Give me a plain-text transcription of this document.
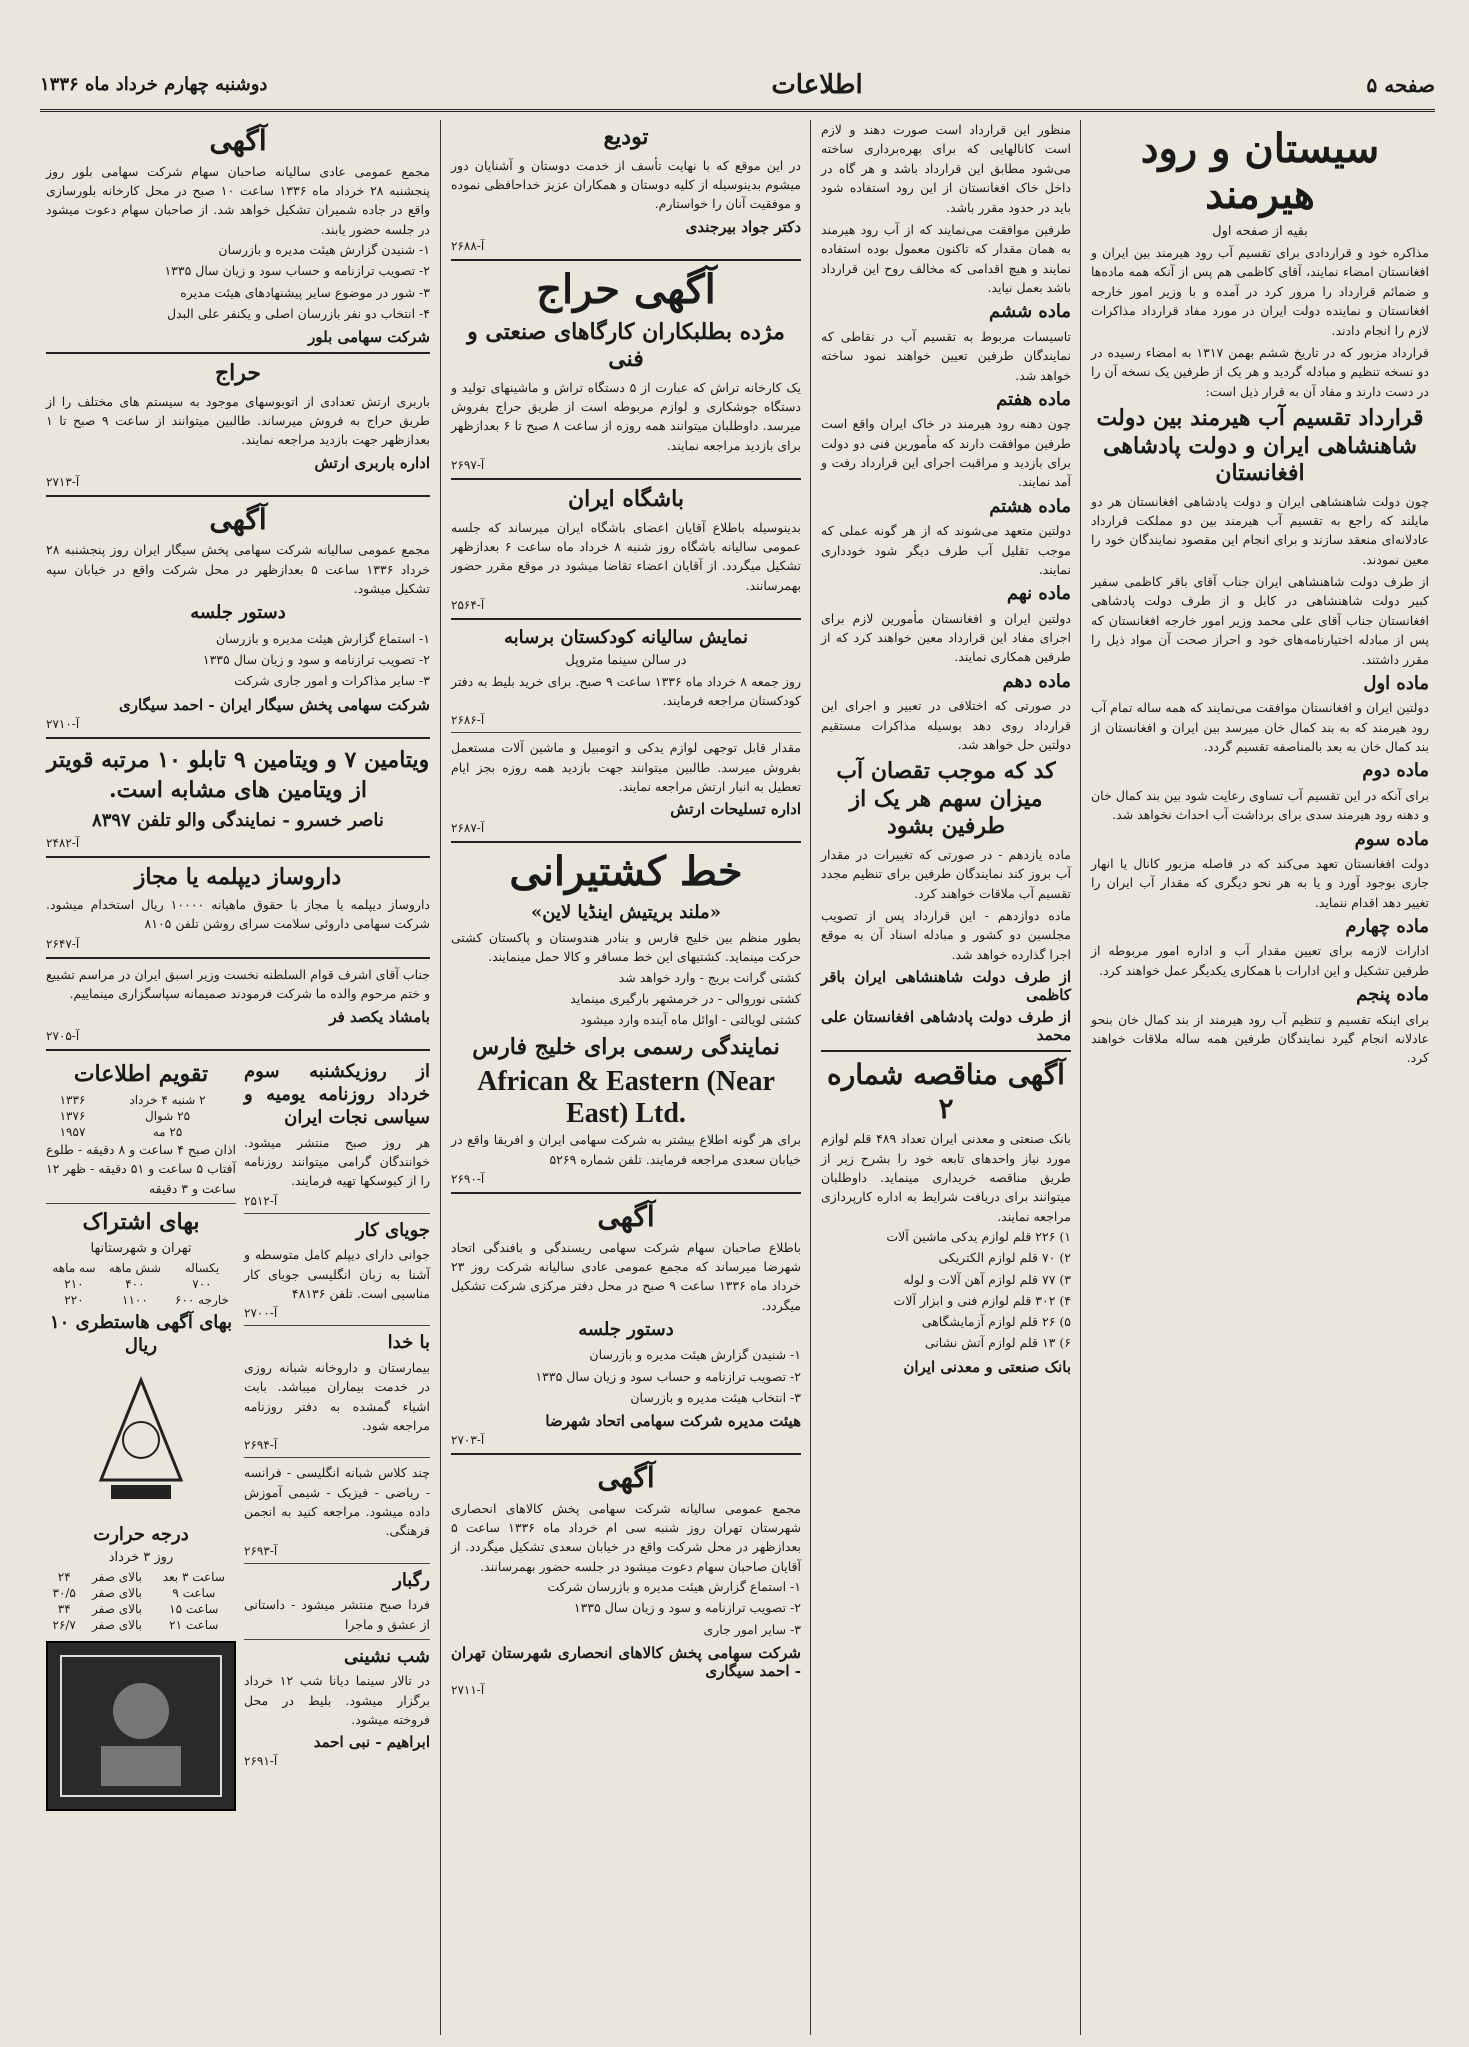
صفحه ۵
اطلاعات
دوشنبه چهارم خرداد ماه ۱۳۳۶
سیستان و رود هیرمند
بقیه از صفحه اول

مذاکره خود و قراردادی برای تقسیم آب رود هیرمند بین ایران و افغانستان امضاء نمایند، آقای کاظمی هم پس از آنکه همه ماده‌ها و ضمائم قرارداد را مرور کرد در آمده و با وزیر امور خارجه افغانستان و نماینده دولت ایران در مورد مفاد قرارداد مذاکرات لازم را انجام دادند.

قرارداد مزبور که در تاریخ ششم بهمن ۱۳۱۷ به امضاء رسیده در دو نسخه تنظیم و مبادله گردید و هر یک از طرفین یک نسخه آن را در دست دارند و مفاد آن به قرار ذیل است:

قرارداد تقسیم آب هیرمند بین دولت شاهنشاهی ایران و دولت پادشاهی افغانستان

چون دولت شاهنشاهی ایران و دولت پادشاهی افغانستان هر دو مایلند که راجع به تقسیم آب هیرمند بین دو مملکت قرارداد عادلانه‌ای منعقد سازند و برای انجام این مقصود نمایندگان خود را معین نمودند.

از طرف دولت شاهنشاهی ایران جناب آقای باقر کاظمی سفیر کبیر دولت شاهنشاهی در کابل و از طرف دولت پادشاهی افغانستان جناب آقای علی محمد وزیر امور خارجه افغانستان که پس از مبادله اختیارنامه‌های خود و احراز صحت آن مواد ذیل را مقرر داشتند.

ماده اول
دولتین ایران و افغانستان موافقت می‌نمایند که همه ساله تمام آب رود هیرمند که به بند کمال خان میرسد بین ایران و افغانستان از بند کمال خان به بعد بالمناصفه تقسیم گردد.
ماده دوم
برای آنکه در این تقسیم آب تساوی رعایت شود بین بند کمال خان و دهنه رود هیرمند سدی برای برداشت آب احداث نخواهد شد.
ماده سوم
دولت افغانستان تعهد می‌کند که در فاصله مزبور کانال یا انهار جاری بوجود آورد و یا به هر نحو دیگری که مقدار آب ایران را تغییر دهد اقدام ننماید.
ماده چهارم
ادارات لازمه برای تعیین مقدار آب و اداره امور مربوطه از طرفین تشکیل و این ادارات با همکاری یکدیگر عمل خواهند کرد.
ماده پنجم
برای اینکه تقسیم و تنظیم آب رود هیرمند از بند کمال خان بنحو عادلانه انجام گیرد نمایندگان طرفین همه ساله ملاقات خواهند کرد.

منظور این قرارداد است صورت دهند و لازم است کانالهایی که برای بهره‌برداری ساخته می‌شود مطابق این قرارداد باشد و هر گاه در داخل خاک افغانستان از این رود استفاده شود باید در حدود مقرر باشد.

طرفین موافقت می‌نمایند که از آب رود هیرمند به همان مقدار که تاکنون معمول بوده استفاده نمایند و هیچ اقدامی که مخالف روح این قرارداد باشد بعمل نیاید.

ماده ششم
تاسیسات مربوط به تقسیم آب در نقاطی که نمایندگان طرفین تعیین خواهند نمود ساخته خواهد شد.
ماده هفتم
چون دهنه رود هیرمند در خاک ایران واقع است طرفین موافقت دارند که مأمورین فنی دو دولت برای بازدید و مراقبت اجرای این قرارداد رفت و آمد نمایند.
ماده هشتم
دولتین متعهد می‌شوند که از هر گونه عملی که موجب تقلیل آب طرف دیگر شود خودداری نمایند.
ماده نهم
دولتین ایران و افغانستان مأمورین لازم برای اجرای مفاد این قرارداد معین خواهند کرد که از طرفین همکاری نمایند.
ماده دهم
در صورتی که اختلافی در تعبیر و اجرای این قرارداد روی دهد بوسیله مذاکرات مستقیم دولتین حل خواهد شد.
کد که موجب تقصان آب میزان سهم هر یک از طرفین بشود

ماده یازدهم - در صورتی که تغییرات در مقدار آب بروز کند نمایندگان طرفین برای تنظیم مجدد تقسیم آب ملاقات خواهند کرد.

ماده دوازدهم - این قرارداد پس از تصویب مجلسین دو کشور و مبادله اسناد آن به موقع اجرا گذارده خواهد شد.

از طرف دولت شاهنشاهی ایران باقر کاظمی
از طرف دولت پادشاهی افغانستان علی محمد
آگهی مناقصه شماره ۲
بانک صنعتی و معدنی ایران تعداد ۴۸۹ قلم لوازم مورد نیاز واحدهای تابعه خود را بشرح زیر از طریق مناقصه خریداری مینماید. داوطلبان میتوانند برای دریافت شرایط به اداره کارپردازی مراجعه نمایند.
۱) ۲۲۶ قلم لوازم یدکی ماشین آلات
۲) ۷۰ قلم لوازم الکتریکی
۳) ۷۷ قلم لوازم آهن آلات و لوله
۴) ۳۰۲ قلم لوازم فنی و ابزار آلات
۵) ۲۶ قلم لوازم آزمایشگاهی
۶) ۱۳ قلم لوازم آتش نشانی
بانک صنعتی و معدنی ایران
تودیع
در این موقع که با نهایت تأسف از خدمت دوستان و آشنایان دور میشوم بدینوسیله از کلیه دوستان و همکاران عزیز خداحافظی نموده و موفقیت آنان را خواستارم.
دکتر جواد بیرجندی
آ-۲۶۸۸
آگهی حراج
مژده بطلبکاران کارگاهای صنعتی و فنی
یک کارخانه تراش که عبارت از ۵ دستگاه تراش و ماشینهای تولید و دستگاه جوشکاری و لوازم مربوطه است از طریق حراج بفروش میرسد. داوطلبان میتوانند همه روزه از ساعت ۸ صبح تا ۶ بعدازظهر برای بازدید مراجعه نمایند.
آ-۲۶۹۷
باشگاه ایران
بدینوسیله باطلاع آقایان اعضای باشگاه ایران میرساند که جلسه عمومی سالیانه باشگاه روز شنبه ۸ خرداد ماه ساعت ۶ بعدازظهر تشکیل میگردد. از آقایان اعضاء تقاضا میشود در موقع مقرر حضور بهمرسانند.
آ-۲۵۶۴
نمایش سالیانه کودکستان برسابه
در سالن سینما متروپل
روز جمعه ۸ خرداد ماه ۱۳۳۶ ساعت ۹ صبح. برای خرید بلیط به دفتر کودکستان مراجعه فرمایند.
آ-۲۶۸۶
مقدار قابل توجهی لوازم یدکی و اتومبیل و ماشین آلات مستعمل بفروش میرسد. طالبین میتوانند جهت بازدید همه روزه بجز ایام تعطیل به انبار ارتش مراجعه نمایند.
اداره تسلیحات ارتش
آ-۲۶۸۷
خط کشتیرانی
«ملند بریتیش اینڈیا لاین»
بطور منظم بین خلیج فارس و بنادر هندوستان و پاکستان کشتی حرکت مینماید. کشتیهای این خط مسافر و کالا حمل مینمایند.
کشتی گرانت بریج - وارد خواهد شد
کشتی نوروالی - در خرمشهر بارگیری مینماید
کشتی لویالتی - اوائل ماه آینده وارد میشود
نمایندگی رسمی برای خلیج فارس
African & Eastern (Near East) Ltd.
برای هر گونه اطلاع بیشتر به شرکت سهامی ایران و افریقا واقع در خیابان سعدی مراجعه فرمایند. تلفن شماره ۵۲۶۹
آ-۲۶۹۰
آگهی
باطلاع صاحبان سهام شرکت سهامی ریسندگی و بافندگی اتحاد شهرضا میرساند که مجمع عمومی عادی سالیانه شرکت روز ۲۳ خرداد ماه ۱۳۳۶ ساعت ۹ صبح در محل دفتر مرکزی شرکت تشکیل میگردد.
دستور جلسه
۱- شنیدن گزارش هیئت مدیره و بازرسان
۲- تصویب ترازنامه و حساب سود و زیان سال ۱۳۳۵
۳- انتخاب هیئت مدیره و بازرسان
هیئت مدیره شرکت سهامی اتحاد شهرضا
آ-۲۷۰۳
آگهی
مجمع عمومی سالیانه شرکت سهامی پخش کالاهای انحصاری شهرستان تهران روز شنبه سی ام خرداد ماه ۱۳۳۶ ساعت ۵ بعدازظهر در محل شرکت واقع در خیابان سعدی تشکیل میگردد. از آقایان صاحبان سهام دعوت میشود در جلسه حضور بهمرسانند.
۱- استماع گزارش هیئت مدیره و بازرسان شرکت
۲- تصویب ترازنامه و سود و زیان سال ۱۳۳۵
۳- سایر امور جاری
شرکت سهامی پخش کالاهای انحصاری شهرستان تهران - احمد سیگاری
آ-۲۷۱۱
آگهی
مجمع عمومی عادی سالیانه صاحبان سهام شرکت سهامی بلور روز پنجشنبه ۲۸ خرداد ماه ۱۳۳۶ ساعت ۱۰ صبح در محل کارخانه بلورسازی واقع در جاده شمیران تشکیل خواهد شد. از صاحبان سهام دعوت میشود در جلسه حضور یابند.
۱- شنیدن گزارش هیئت مدیره و بازرسان
۲- تصویب ترازنامه و حساب سود و زیان سال ۱۳۳۵
۳- شور در موضوع سایر پیشنهادهای هیئت مدیره
۴- انتخاب دو نفر بازرسان اصلی و یکنفر علی البدل
شرکت سهامی بلور
حراج
باربری ارتش تعدادی از اتوبوسهای موجود به سیستم های مختلف را از طریق حراج به فروش میرساند. طالبین میتوانند از ساعت ۹ صبح تا ۱ بعدازظهر جهت بازدید مراجعه نمایند.
اداره باربری ارتش
آ-۲۷۱۳
آگهی
مجمع عمومی سالیانه شرکت سهامی پخش سیگار ایران روز پنجشنبه ۲۸ خرداد ۱۳۳۶ ساعت ۵ بعدازظهر در محل شرکت واقع در خیابان سپه تشکیل میشود.
دستور جلسه
۱- استماع گزارش هیئت مدیره و بازرسان
۲- تصویب ترازنامه و سود و زیان سال ۱۳۳۵
۳- سایر مذاکرات و امور جاری شرکت
شرکت سهامی پخش سیگار ایران - احمد سیگاری
آ-۲۷۱۰
ویتامین ۷ و ویتامین ۹ تابلو ۱۰ مرتبه قویتر از ویتامین های مشابه است.
ناصر خسرو - نمایندگی والو تلفن ۸۳۹۷
آ-۲۴۸۲
داروساز دیپلمه یا مجاز
داروساز دیپلمه یا مجاز با حقوق ماهیانه ۱۰۰۰۰ ریال استخدام میشود. شرکت سهامی داروئی سلامت سرای روشن تلفن ۸۱۰۵
آ-۲۶۴۷
جناب آقای اشرف قوام السلطنه نخست وزیر اسبق ایران در مراسم تشییع و ختم مرحوم والده ما شرکت فرمودند صمیمانه سپاسگزاری مینماییم.
بامشاد یکصد فر
آ-۲۷۰۵
از روزیکشنبه سوم خرداد روزنامه یومیه و سیاسی نجات ایران
هر روز صبح منتشر میشود. خوانندگان گرامی میتوانند روزنامه را از کیوسکها تهیه فرمایند.
آ-۲۵۱۲
جویای کار
جوانی دارای دیپلم کامل متوسطه و آشنا به زبان انگلیسی جویای کار مناسبی است. تلفن ۴۸۱۳۶
آ-۲۷۰۰
با خدا
بیمارستان و داروخانه شبانه روزی در خدمت بیماران میباشد. بابت اشیاء گمشده به دفتر روزنامه مراجعه شود.
آ-۲۶۹۴
چند کلاس شبانه انگلیسی - فرانسه - ریاضی - فیزیک - شیمی آموزش داده میشود. مراجعه کنید به انجمن فرهنگی.
آ-۲۶۹۳
رگبار
فردا صبح منتشر میشود - داستانی از عشق و ماجرا
شب نشینی
در تالار سینما دیانا شب ۱۲ خرداد برگزار میشود. بلیط در محل فروخته میشود.
ابراهیم - نبی احمد
آ-۲۶۹۱
تقویم اطلاعات
۲ شنبه ۴ خرداد	۱۳۳۶
۲۵ شوال	۱۳۷۶
۲۵ مه	۱۹۵۷
اذان صبح ۴ ساعت و ۸ دقیقه - طلوع آفتاب ۵ ساعت و ۵۱ دقیقه - ظهر ۱۲ ساعت و ۳ دقیقه
بهای اشتراک
تهران و شهرستانها
یکساله	شش ماهه	سه ماهه
۷۰۰	۴۰۰	۲۱۰
خارجه ۶۰۰	۱۱۰۰	۲۲۰
بهای آگهی هاستطری ۱۰ ریال
درجه حرارت
روز ۳ خرداد
ساعت ۳ بعد	بالای صفر	۲۴
ساعت ۹	بالای صفر	۳۰/۵
ساعت ۱۵	بالای صفر	۳۴
ساعت ۲۱	بالای صفر	۲۶/۷
